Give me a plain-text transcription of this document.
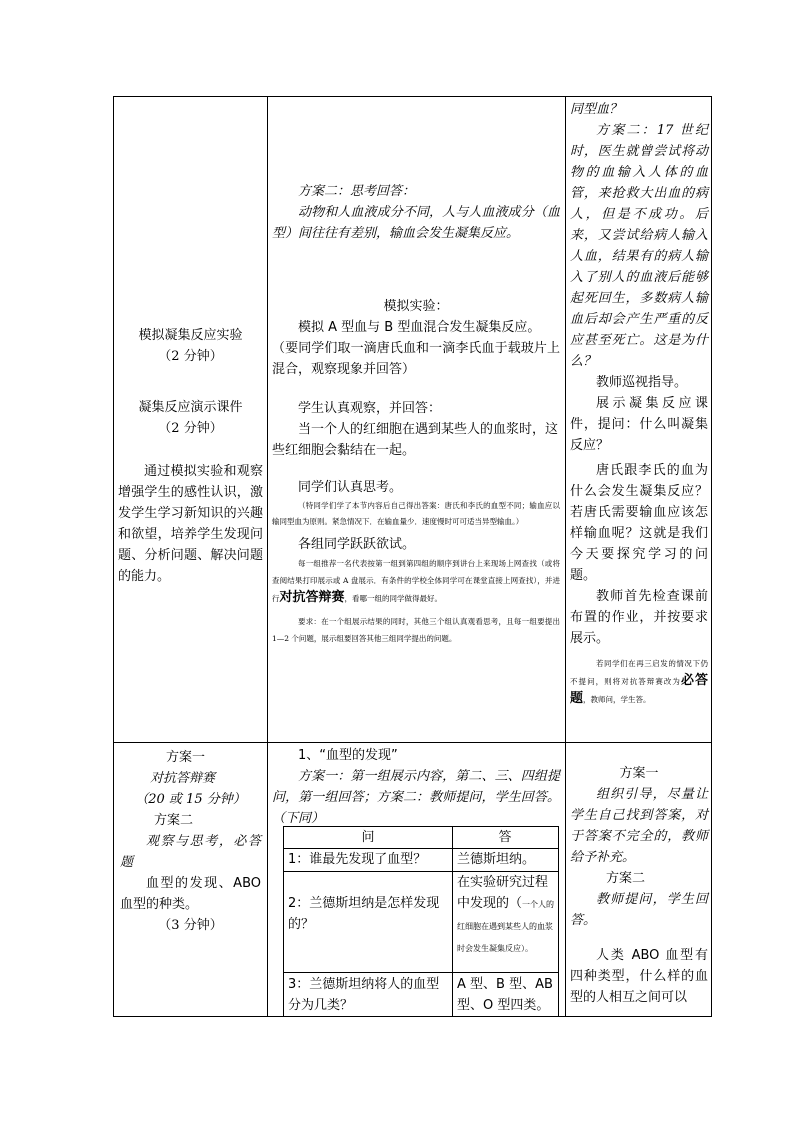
模拟凝集反应实验

（2 分钟）

凝集反应演示课件

（2 分钟）

通过模拟实验和观察增强学生的感性认识，激发学生学习新知识的兴趣和欲望，培养学生发现问题、分析问题、解决问题的能力。

方案二：思考回答：

动物和人血液成分不同，人与人血液成分（血型）间往往有差别，输血会发生凝集反应。

模拟实验：

模拟 A 型血与 B 型血混合发生凝集反应。

（要同学们取一滴唐氏血和一滴李氏血于载玻片上混合，观察现象并回答）

学生认真观察，并回答：

当一个人的红细胞在遇到某些人的血浆时，这些红细胞会黏结在一起。

同学们认真思考。

（特同学们学了本节内容后自己得出答案：唐氏和李氏的血型不同；输血应以输同型血为原则。紧急情况下．在输血量少．速度慢时可可适当异型输血。）

各组同学跃跃欲试。

每一组推荐一名代表按第一组到第四组的顺序到讲台上来现场上网查找（或将查阅结果打印展示或 A 盘展示．有条件的学校全体同学可在课堂直接上网查找），并进行对抗答辩赛，看哪一组的同学做得最好。

要求：在一个组展示结果的同时，其他三个组认真观看思考，且每一组要提出 1—2 个问题，展示组要回答其他三组同学提出的问题。

同型血？

方案二：17 世纪时，医生就曾尝试将动物的血输入人体的血管，来抢救大出血的病人，但是不成功。后来，又尝试给病人输入人血，结果有的病人输入了别人的血液后能够起死回生，多数病人输血后却会产生严重的反应甚至死亡。这是为什么？

教师巡视指导。

展示凝集反应课件，提问：什么叫凝集反应？

唐氏跟李氏的血为什么会发生凝集反应？若唐氏需要输血应该怎样输血呢？这就是我们今天要探究学习的问题。

教师首先检查课前布置的作业，并按要求展示。

若同学们在再三启发的情况下仍不提问，则将对抗答辩赛改为必答题，教师问，学生答。

方案一

对抗答辩赛

（20 或 15 分钟）

方案二

观察与思考，必答题

血型的发现、ABO 血型的种类。

（3 分钟）

1、“血型的发现”

方案一：第一组展示内容，第二、三、四组提问，第一组回答；方案二：教师提问，学生回答。（下同）

问	答
1：谁最先发现了血型？	兰德斯坦纳。
2：兰德斯坦纳是怎样发现的？
在实验研究过程中发现的（一个人的红细胞在遇到某些人的血浆时会发生凝集反应）。
3：兰德斯坦纳将人的血型分为几类？
A 型、B 型、AB 型、O 型四类。

方案一

组织引导，尽量让学生自己找到答案，对于答案不完全的，教师给予补充。

方案二

教师提问，学生回答。

人类 ABO 血型有四种类型，什么样的血型的人相互之间可以
